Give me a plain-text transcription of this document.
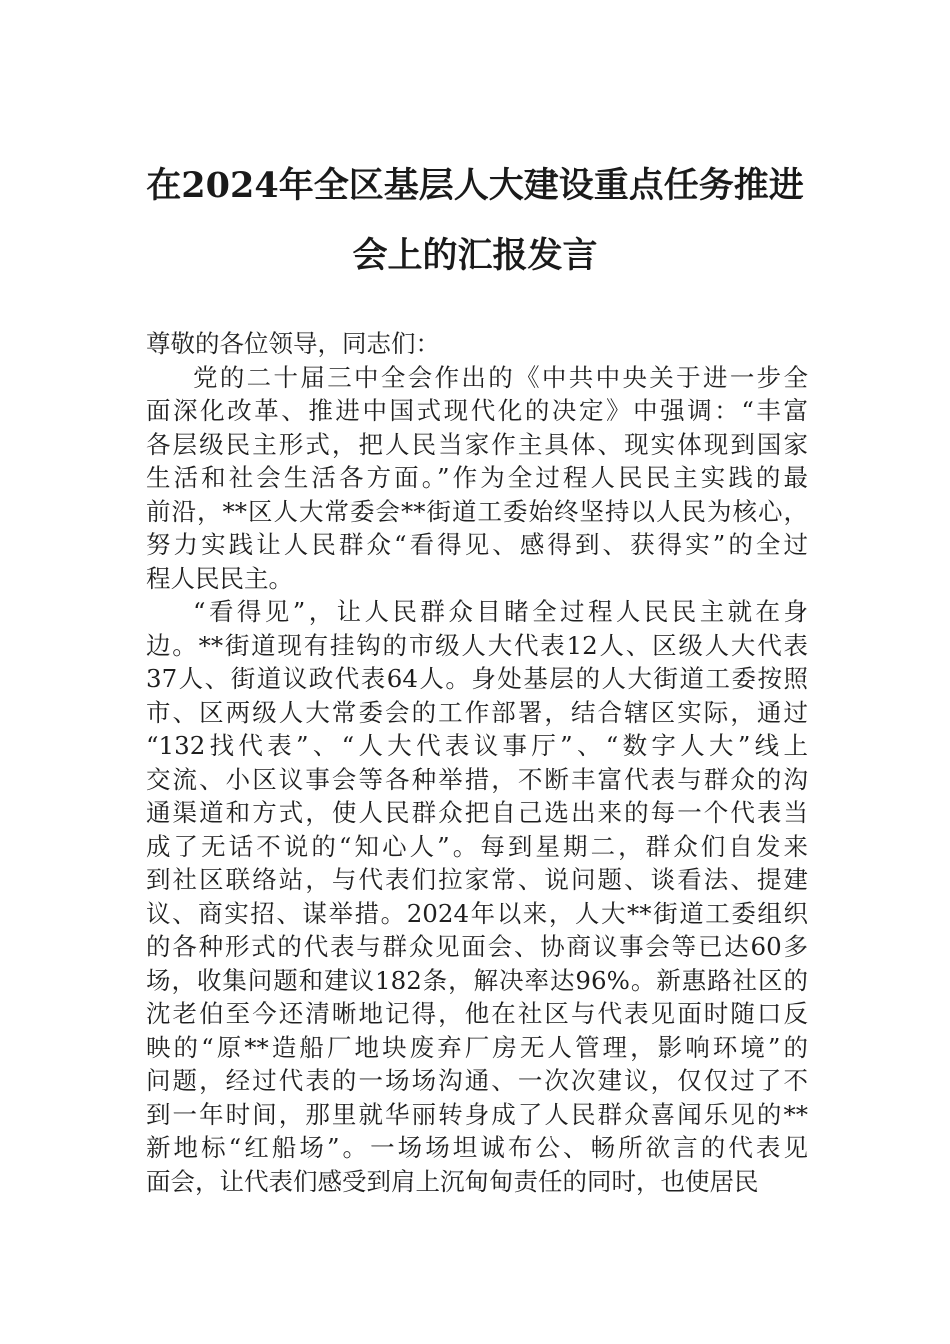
在2024年全区基层人大建设重点任务推进
会上的汇报发言
尊敬的各位领导，同志们：
党的二十届三中全会作出的《中共中央关于进一步全
面深化改革、推进中国式现代化的决定》中强调：“丰富
各层级民主形式，把人民当家作主具体、现实体现到国家
生活和社会生活各方面。”作为全过程人民民主实践的最
前沿，**区人大常委会**街道工委始终坚持以人民为核心，
努力实践让人民群众“看得见、感得到、获得实”的全过
程人民民主。
“看得见”，让人民群众目睹全过程人民民主就在身
边。**街道现有挂钩的市级人大代表12人、区级人大代表
37人、街道议政代表64人。身处基层的人大街道工委按照
市、区两级人大常委会的工作部署，结合辖区实际，通过
“132找代表”、“人大代表议事厅”、“数字人大”线上
交流、小区议事会等各种举措，不断丰富代表与群众的沟
通渠道和方式，使人民群众把自己选出来的每一个代表当
成了无话不说的“知心人”。每到星期二，群众们自发来
到社区联络站，与代表们拉家常、说问题、谈看法、提建
议、商实招、谋举措。2024年以来，人大**街道工委组织
的各种形式的代表与群众见面会、协商议事会等已达60多
场，收集问题和建议182条，解决率达96%。新惠路社区的
沈老伯至今还清晰地记得，他在社区与代表见面时随口反
映的“原**造船厂地块废弃厂房无人管理，影响环境”的
问题，经过代表的一场场沟通、一次次建议，仅仅过了不
到一年时间，那里就华丽转身成了人民群众喜闻乐见的**
新地标“红船场”。一场场坦诚布公、畅所欲言的代表见
面会，让代表们感受到肩上沉甸甸责任的同时，也使居民
